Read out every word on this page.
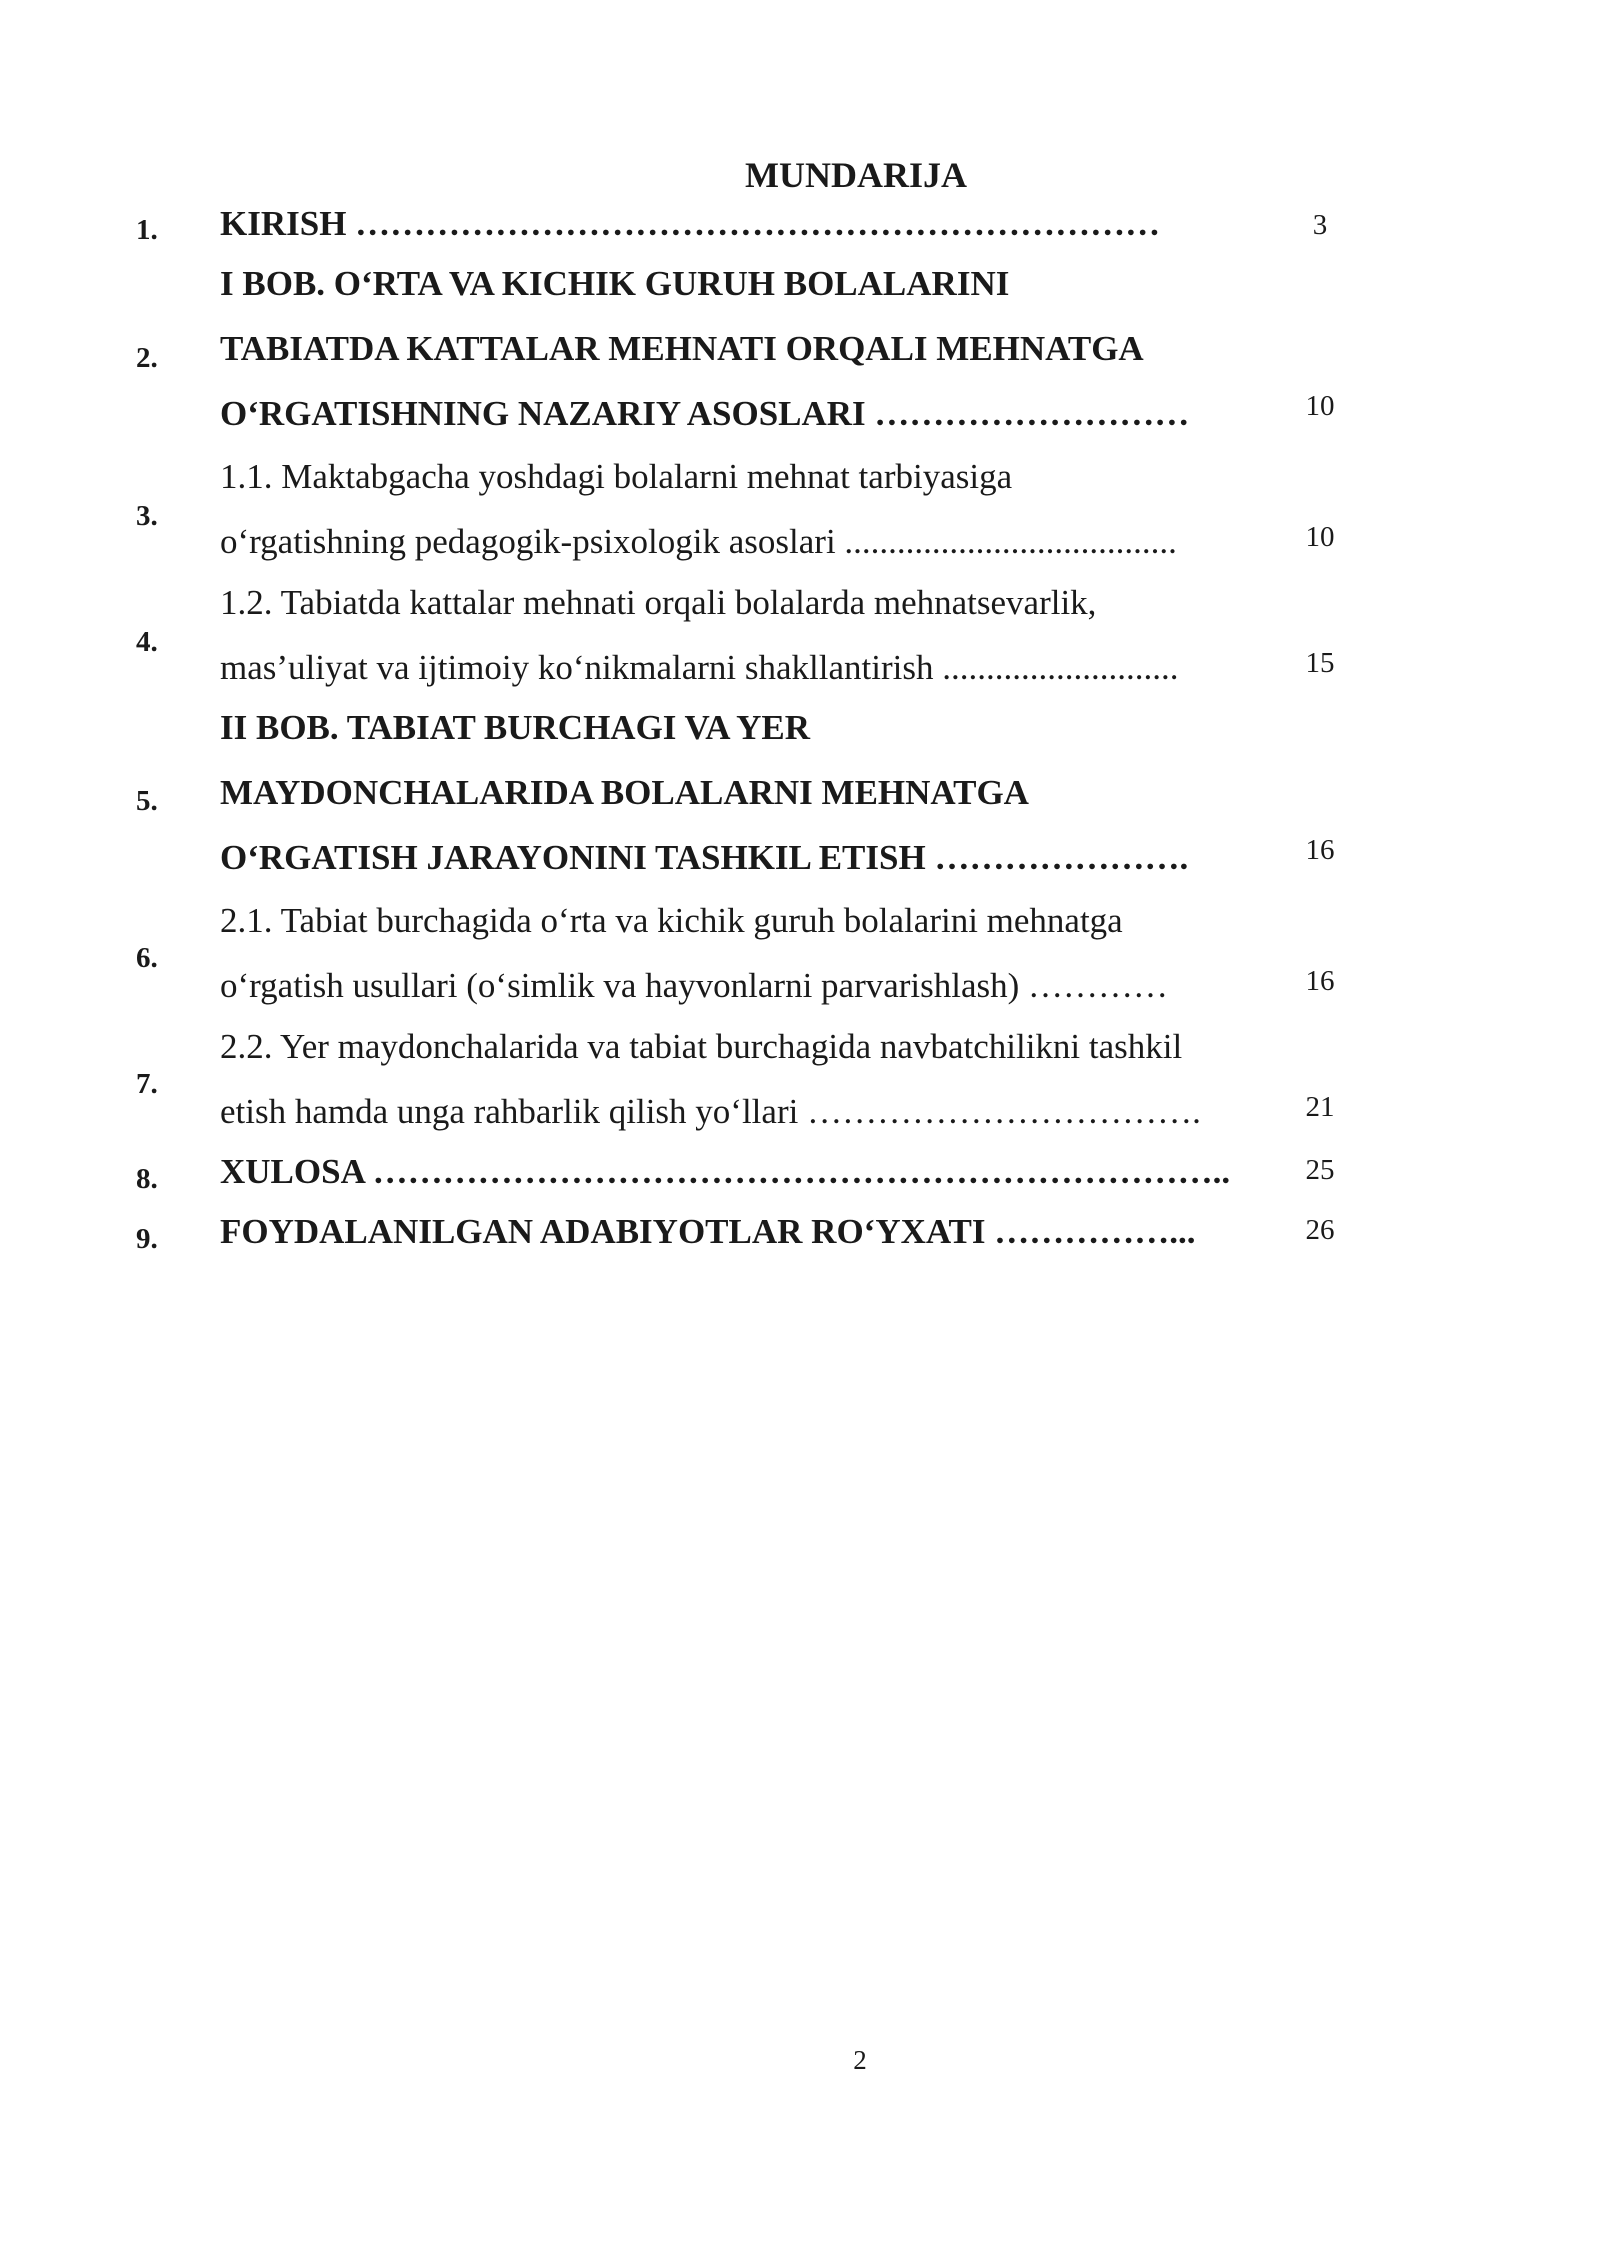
MUNDARIJA
1. KIRISH ……………………………………………………………	3
2.
I BOB. O‘RTA VA KICHIK GURUH BOLALARINI
TABIATDA KATTALAR MEHNATI ORQALI MEHNATGA
O‘RGATISHNING NAZARIY ASOSLARI ………………………	10
3.
1.1. Maktabgacha yoshdagi bolalarni mehnat tarbiyasiga
o‘rgatishning pedagogik-psixologik asoslari ......................................	10
4.
1.2. Tabiatda kattalar mehnati orqali bolalarda mehnatsevarlik,
mas’uliyat va ijtimoiy ko‘nikmalarni shakllantirish ...........................	15
5.
II BOB. TABIAT BURCHAGI VA YER
MAYDONCHALARIDA BOLALARNI MEHNATGA
O‘RGATISH JARAYONINI TASHKIL ETISH ………………….	16
6.
2.1. Tabiat burchagida o‘rta va kichik guruh bolalarini mehnatga
o‘rgatish usullari (o‘simlik va hayvonlarni parvarishlash) …………	16
7.
2.2. Yer maydonchalarida va tabiat burchagida navbatchilikni tashkil
etish hamda unga rahbarlik qilish yo‘llari …………………………….	21
8. XULOSA ………………………………………………………………..	25
9. FOYDALANILGAN ADABIYOTLAR RO‘YXATI ……………...	26
2
